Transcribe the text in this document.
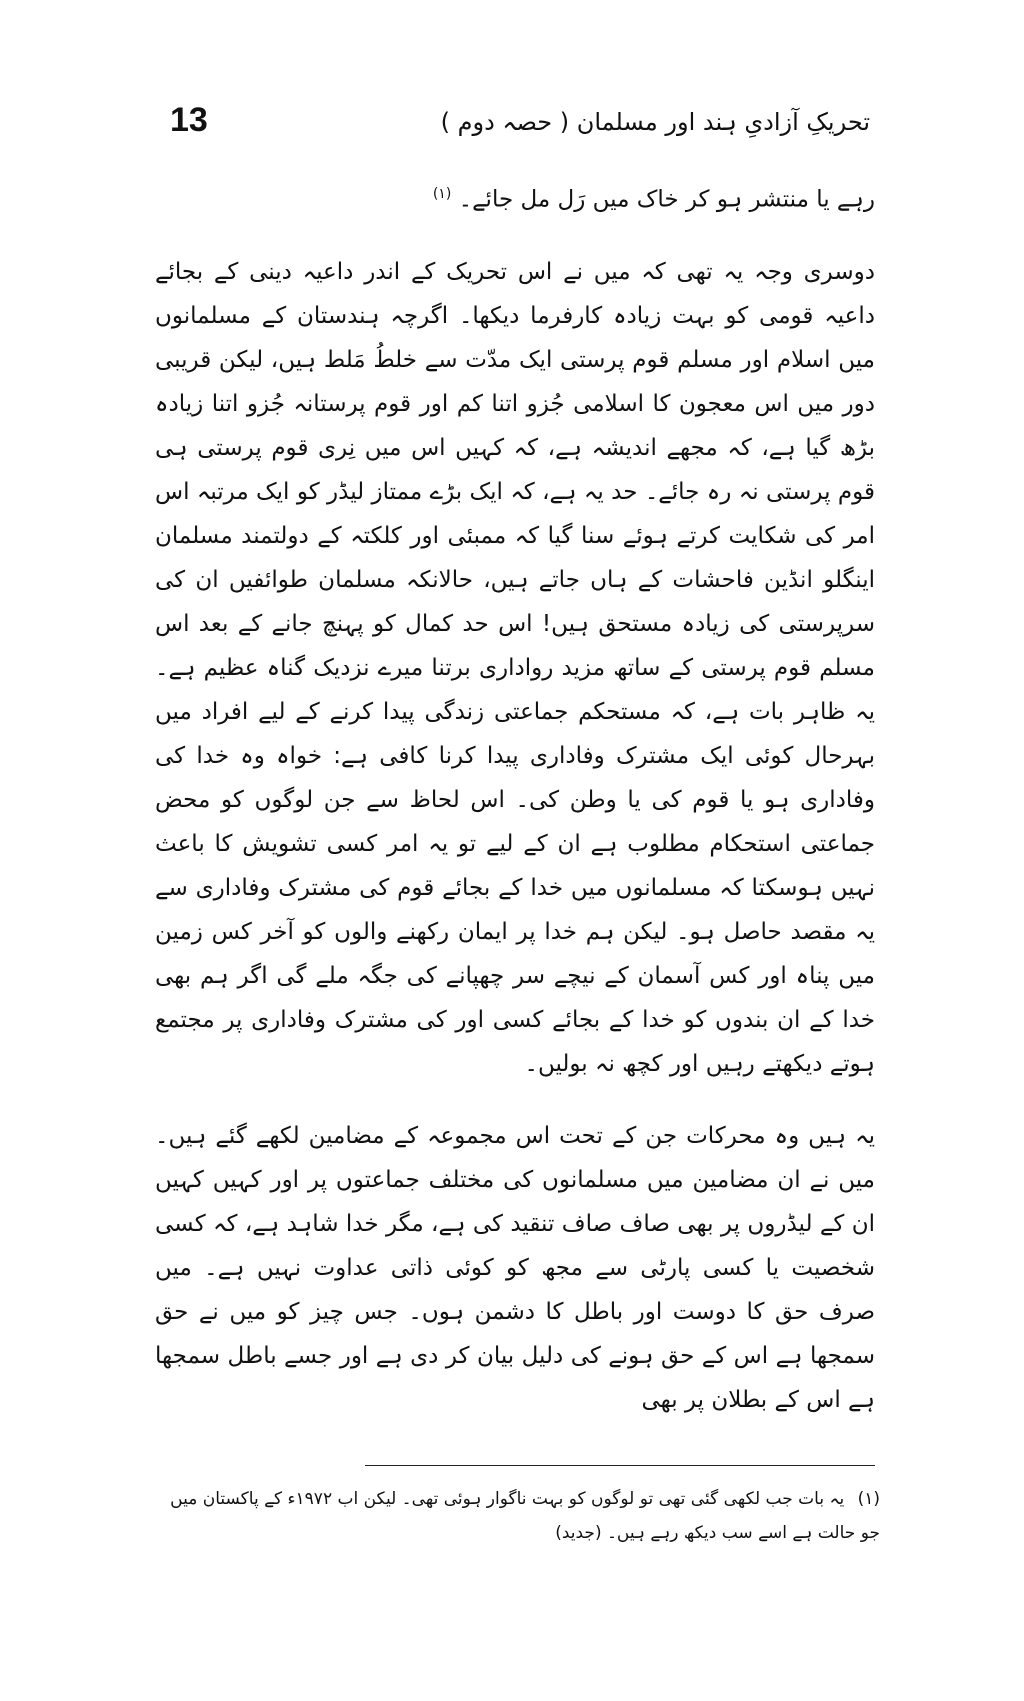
13	تحریکِ آزادیِ ہند اور مسلمان ( حصہ دوم )

رہے یا منتشر ہو کر خاک میں رَل مل جائے۔ $^{(١)}$

دوسری وجہ یہ تھی کہ میں نے اس تحریک کے اندر داعیہ دینی کے بجائے داعیہ قومی کو بہت زیادہ کارفرما دیکھا۔ اگرچہ ہندستان کے مسلمانوں میں اسلام اور مسلم قوم پرستی ایک مدّت سے خلطُ مَلط ہیں، لیکن قریبی دور میں اس معجون کا اسلامی جُزو اتنا کم اور قوم پرستانہ جُزو اتنا زیادہ بڑھ گیا ہے، کہ مجھے اندیشہ ہے، کہ کہیں اس میں نِری قوم پرستی ہی قوم پرستی نہ رہ جائے۔ حد یہ ہے، کہ ایک بڑے ممتاز لیڈر کو ایک مرتبہ اس امر کی شکایت کرتے ہوئے سنا گیا کہ ممبئی اور کلکتہ کے دولتمند مسلمان اینگلو انڈین فاحشات کے ہاں جاتے ہیں، حالانکہ مسلمان طوائفیں ان کی سرپرستی کی زیادہ مستحق ہیں! اس حد کمال کو پہنچ جانے کے بعد اس مسلم قوم پرستی کے ساتھ مزید رواداری برتنا میرے نزدیک گناہ عظیم ہے۔ یہ ظاہر بات ہے، کہ مستحکم جماعتی زندگی پیدا کرنے کے لیے افراد میں بہرحال کوئی ایک مشترک وفاداری پیدا کرنا کافی ہے: خواہ وہ خدا کی وفاداری ہو یا قوم کی یا وطن کی۔ اس لحاظ سے جن لوگوں کو محض جماعتی استحکام مطلوب ہے ان کے لیے تو یہ امر کسی تشویش کا باعث نہیں ہوسکتا کہ مسلمانوں میں خدا کے بجائے قوم کی مشترک وفاداری سے یہ مقصد حاصل ہو۔ لیکن ہم خدا پر ایمان رکھنے والوں کو آخر کس زمین میں پناہ اور کس آسمان کے نیچے سر چھپانے کی جگہ ملے گی اگر ہم بھی خدا کے ان بندوں کو خدا کے بجائے کسی اور کی مشترک وفاداری پر مجتمع ہوتے دیکھتے رہیں اور کچھ نہ بولیں۔

یہ ہیں وہ محرکات جن کے تحت اس مجموعہ کے مضامین لکھے گئے ہیں۔ میں نے ان مضامین میں مسلمانوں کی مختلف جماعتوں پر اور کہیں کہیں ان کے لیڈروں پر بھی صاف صاف تنقید کی ہے، مگر خدا شاہد ہے، کہ کسی شخصیت یا کسی پارٹی سے مجھ کو کوئی ذاتی عداوت نہیں ہے۔ میں صرف حق کا دوست اور باطل کا دشمن ہوں۔ جس چیز کو میں نے حق سمجھا ہے اس کے حق ہونے کی دلیل بیان کر دی ہے اور جسے باطل سمجھا ہے اس کے بطلان پر بھی

(١) یہ بات جب لکھی گئی تھی تو لوگوں کو بہت ناگوار ہوئی تھی۔ لیکن اب ۱۹۷۲ء کے پاکستان میں جو حالت ہے اسے سب دیکھ رہے ہیں۔ (جدید)
